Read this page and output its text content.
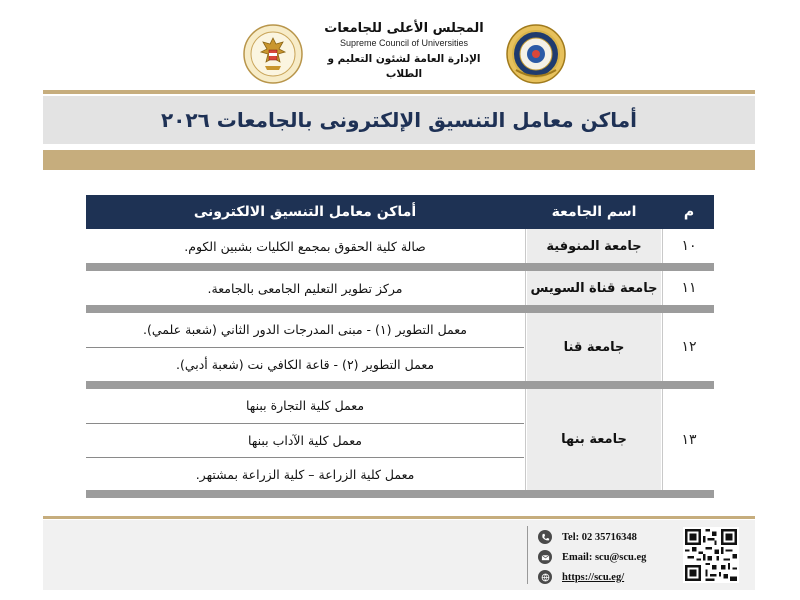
المجلس الأعلى للجامعات
Supreme Council of Universities
الإدارة العامة لشئون التعليم و الطلاب
أماكن معامل التنسيق الإلكترونى بالجامعات ٢٠٢٦
أماكن معامل التنسيق الالكترونى	اسم الجامعة	م
صالة كلية الحقوق بمجمع الكليات بشبين الكوم.	جامعة المنوفية	١٠
مركز تطوير التعليم الجامعى بالجامعة.	جامعة قناة السويس	١١
معمل التطوير (١) - مبنى المدرجات الدور الثاني (شعبة علمي).
معمل التطوير (٢) - قاعة الكافي نت (شعبة أدبي).
جامعة قنا	١٢
معمل كلية التجارة ببنها
معمل كلية الآداب ببنها
معمل كلية الزراعة – كلية الزراعة بمشتهر.
جامعة بنها	١٣
Tel: 02 35716348
Email: scu@scu.eg
https://scu.eg/
